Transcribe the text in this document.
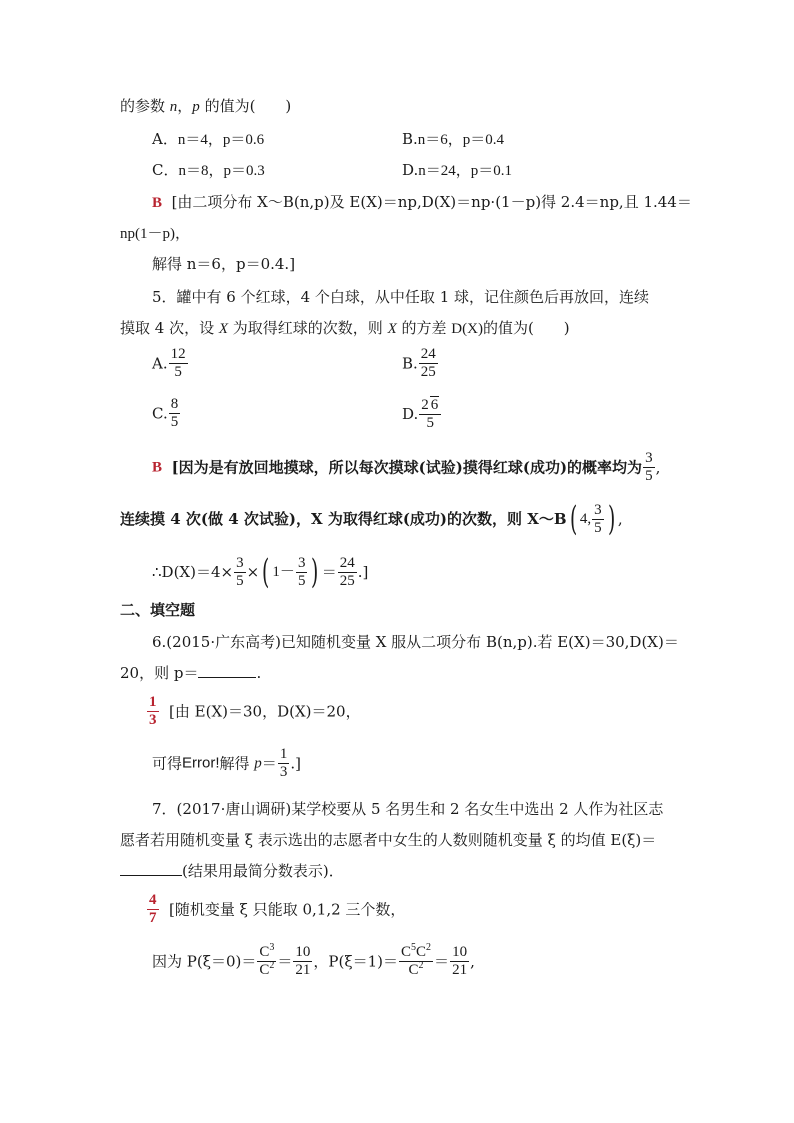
的参数 n，p 的值为(　　)
A．n＝4，p＝0.6	B.n＝6，p＝0.4
C．n＝8，p＝0.3	D.n＝24，p＝0.1
B [由二项分布 X～B(n,p)及 E(X)＝np,D(X)＝np·(1－p)得 2.4＝np,且 1.44＝
np(1－p)，
解得 n＝6，p＝0.4.]
5．罐中有 6 个红球，4 个白球，从中任取 1 球，记住颜色后再放回，连续
摸取 4 次，设 X 为取得红球的次数，则 X 的方差 D(X)的值为(　　)
A. $\frac{12}{5}$	B. $\frac{24}{25}$
C. $\frac{8}{5}$	D. $\frac{2 6}{5}$
B [因为是有放回地摸球，所以每次摸球(试验)摸得红球(成功)的概率均为 $\frac{3}{5}$ ,
连续摸 4 次(做 4 次试验)，X 为取得红球(成功)的次数，则 X～B( 4, $\frac{3}{5}$ ) ,
∴D(X)＝4× $\frac{3}{5}$ ×( $1- \frac{3}{5}$ ) ＝ $\frac{24}{25}$ .]
二、填空题
6.(2015·广东高考)已知随机变量 X 服从二项分布 B(n,p).若 E(X)＝30,D(X)＝
20，则 p＝	.
$\frac{1}{3}$ [由 E(X)＝30，D(X)＝20，
可得Error!解得 $p= \frac{1}{3}$ .]
7．(2017·唐山调研)某学校要从 5 名男生和 2 名女生中选出 2 人作为社区志
愿者若用随机变量 ξ 表示选出的志愿者中女生的人数则随机变量 ξ 的均值 E(ξ)＝
(结果用最简分数表示)．
$\frac{4}{7}$ [随机变量 ξ 只能取 0,1,2 三个数，
因为 $P(\xi=0)= \frac{C^3}{C^2} = \frac{10}{21}$ ，$P(\xi=1)= \frac{C^5C^2}{C^2} = \frac{10}{21}$ ,
